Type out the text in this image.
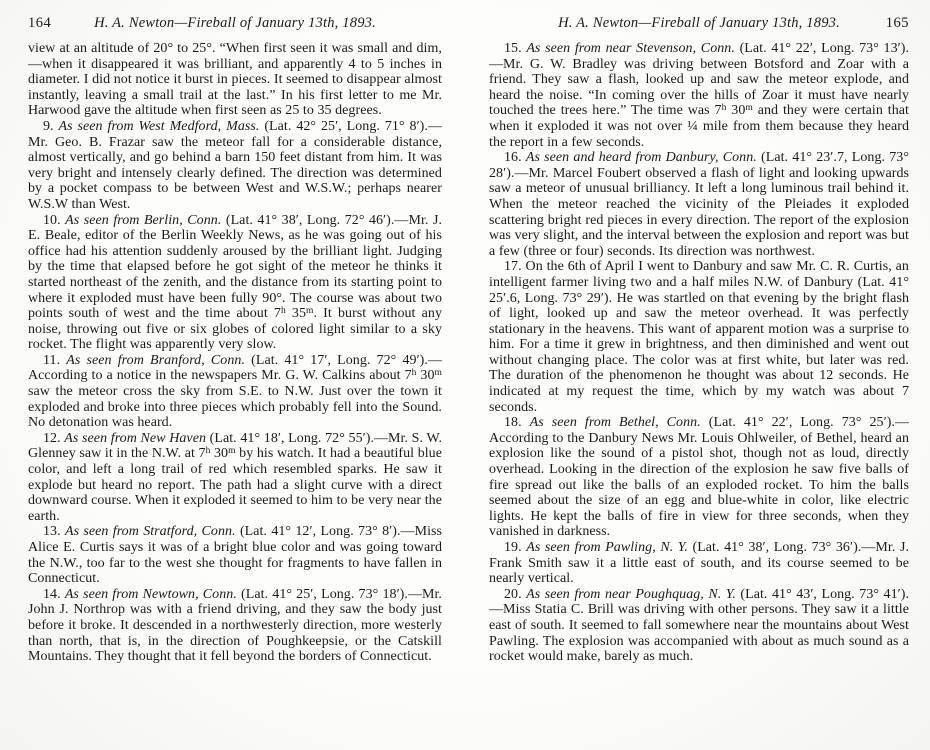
164	H. A. Newton—Fireball of January 13th, 1893.

view at an altitude of 20° to 25°. “When first seen it was small and dim,—when it disappeared it was brilliant, and apparently 4 to 5 inches in diameter. I did not notice it burst in pieces. It seemed to disappear almost instantly, leaving a small trail at the last.” In his first letter to me Mr. Harwood gave the altitude when first seen as 25 to 35 degrees.

9. As seen from West Medford, Mass. (Lat. 42° 25′, Long. 71° 8′).—Mr. Geo. B. Frazar saw the meteor fall for a considerable distance, almost vertically, and go behind a barn 150 feet distant from him. It was very bright and intensely clearly defined. The direction was determined by a pocket compass to be between West and W.S.W.; perhaps nearer W.S.W than West.

10. As seen from Berlin, Conn. (Lat. 41° 38′, Long. 72° 46′).—Mr. J. E. Beale, editor of the Berlin Weekly News, as he was going out of his office had his attention suddenly aroused by the brilliant light. Judging by the time that elapsed before he got sight of the meteor he thinks it started northeast of the zenith, and the distance from its starting point to where it exploded must have been fully 90°. The course was about two points south of west and the time about 7$^h$ 35$^m$. It burst without any noise, throwing out five or six globes of colored light similar to a sky rocket. The flight was apparently very slow.

11. As seen from Branford, Conn. (Lat. 41° 17′, Long. 72° 49′).—According to a notice in the newspapers Mr. G. W. Calkins about 7$^h$ 30$^m$ saw the meteor cross the sky from S.E. to N.W. Just over the town it exploded and broke into three pieces which probably fell into the Sound. No detonation was heard.

12. As seen from New Haven (Lat. 41° 18′, Long. 72° 55′).—Mr. S. W. Glenney saw it in the N.W. at 7$^h$ 30$^m$ by his watch. It had a beautiful blue color, and left a long trail of red which resembled sparks. He saw it explode but heard no report. The path had a slight curve with a direct downward course. When it exploded it seemed to him to be very near the earth.

13. As seen from Stratford, Conn. (Lat. 41° 12′, Long. 73° 8′).—Miss Alice E. Curtis says it was of a bright blue color and was going toward the N.W., too far to the west she thought for fragments to have fallen in Connecticut.

14. As seen from Newtown, Conn. (Lat. 41° 25′, Long. 73° 18′).—Mr. John J. Northrop was with a friend driving, and they saw the body just before it broke. It descended in a northwesterly direction, more westerly than north, that is, in the direction of Poughkeepsie, or the Catskill Mountains. They thought that it fell beyond the borders of Connecticut.

H. A. Newton—Fireball of January 13th, 1893.	165

15. As seen from near Stevenson, Conn. (Lat. 41° 22′, Long. 73° 13′).—Mr. G. W. Bradley was driving between Botsford and Zoar with a friend. They saw a flash, looked up and saw the meteor explode, and heard the noise. “In coming over the hills of Zoar it must have nearly touched the trees here.” The time was 7$^h$ 30$^m$ and they were certain that when it exploded it was not over ¼ mile from them because they heard the report in a few seconds.

16. As seen and heard from Danbury, Conn. (Lat. 41° 23′.7, Long. 73° 28′).—Mr. Marcel Foubert observed a flash of light and looking upwards saw a meteor of unusual brilliancy. It left a long luminous trail behind it. When the meteor reached the vicinity of the Pleiades it exploded scattering bright red pieces in every direction. The report of the explosion was very slight, and the interval between the explosion and report was but a few (three or four) seconds. Its direction was northwest.

17. On the 6th of April I went to Danbury and saw Mr. C. R. Curtis, an intelligent farmer living two and a half miles N.W. of Danbury (Lat. 41° 25′.6, Long. 73° 29′). He was startled on that evening by the bright flash of light, looked up and saw the meteor overhead. It was perfectly stationary in the heavens. This want of apparent motion was a surprise to him. For a time it grew in brightness, and then diminished and went out without changing place. The color was at first white, but later was red. The duration of the phenomenon he thought was about 12 seconds. He indicated at my request the time, which by my watch was about 7 seconds.

18. As seen from Bethel, Conn. (Lat. 41° 22′, Long. 73° 25′).—According to the Danbury News Mr. Louis Ohlweiler, of Bethel, heard an explosion like the sound of a pistol shot, though not as loud, directly overhead. Looking in the direction of the explosion he saw five balls of fire spread out like the balls of an exploded rocket. To him the balls seemed about the size of an egg and blue-white in color, like electric lights. He kept the balls of fire in view for three seconds, when they vanished in darkness.

19. As seen from Pawling, N. Y. (Lat. 41° 38′, Long. 73° 36′).—Mr. J. Frank Smith saw it a little east of south, and its course seemed to be nearly vertical.

20. As seen from near Poughquag, N. Y. (Lat. 41° 43′, Long. 73° 41′).—Miss Statia C. Brill was driving with other persons. They saw it a little east of south. It seemed to fall somewhere near the mountains about West Pawling. The explosion was accompanied with about as much sound as a rocket would make, barely as much.
